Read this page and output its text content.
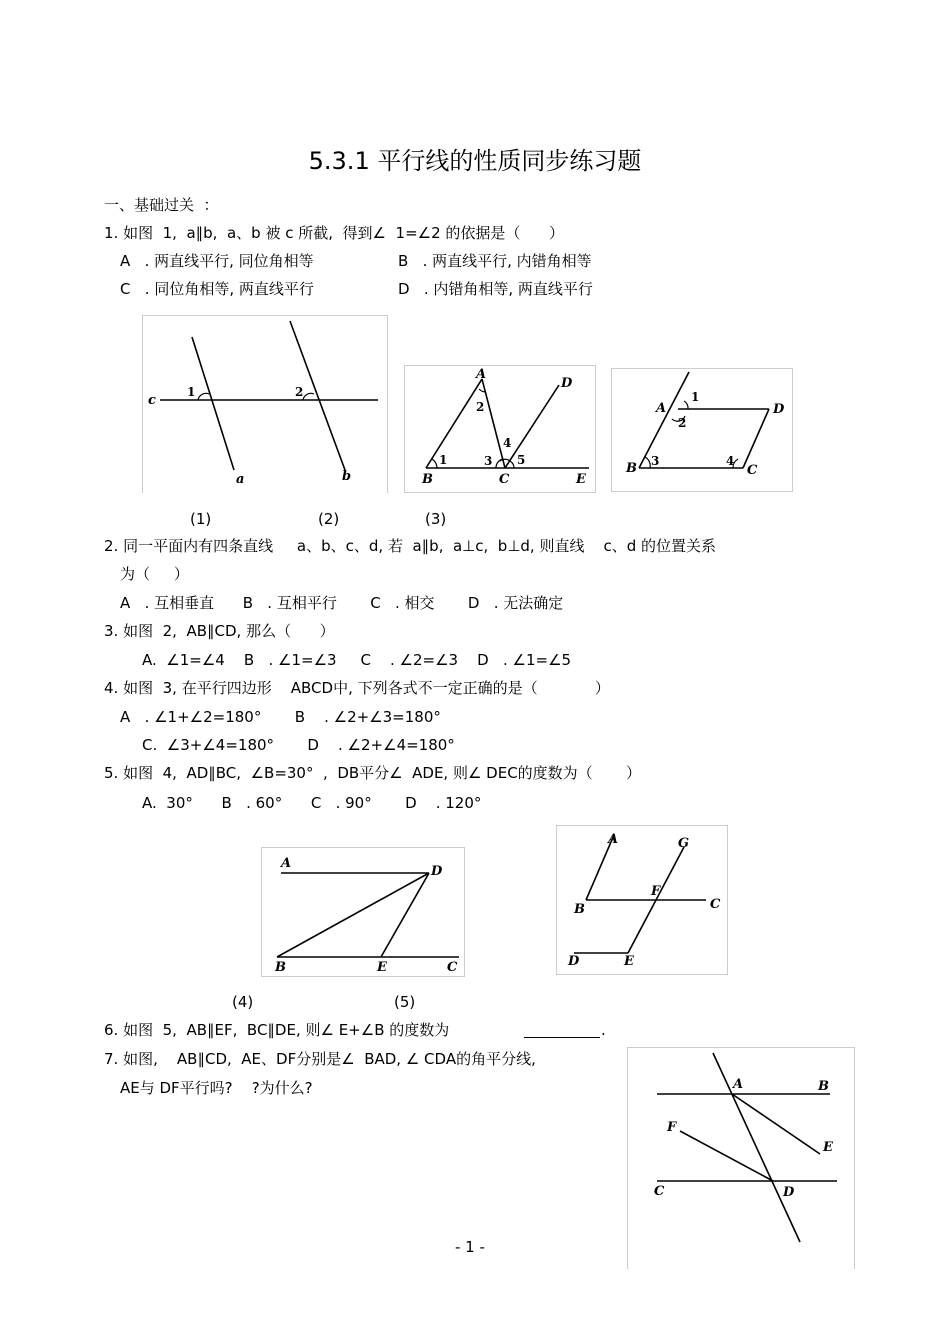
5.3.1 平行线的性质同步练习题
一、基础过关  ：
1. 如图  1,  a∥b,  a、b 被 c 所截,  得到∠  1=∠2 的依据是（      ）
A   . 两直线平行, 同位角相等	B   . 两直线平行, 内错角相等
C   . 同位角相等, 两直线平行	D   . 内错角相等, 两直线平行
c
1	2
a	b
A
D
2
1	3
4
5
B	C	E
A
1
2
D
B 3	4
C
(1)	(2)	(3)
2. 同一平面内有四条直线     a、b、c、d, 若  a∥b,  a⊥c,  b⊥d, 则直线    c、d 的位置关系
为（     ）
A   . 互相垂直      B   . 互相平行       C   . 相交       D   . 无法确定
3. 如图  2,  AB∥CD, 那么（      ）
A.  ∠1=∠4    B   . ∠1=∠3     C    . ∠2=∠3    D   . ∠1=∠5
4. 如图  3, 在平行四边形    ABCD中, 下列各式不一定正确的是（            ）
A   . ∠1+∠2=180°       B    . ∠2+∠3=180°
C.  ∠3+∠4=180°       D    . ∠2+∠4=180°
5. 如图  4,  AD∥BC,  ∠B=30°  ,  DB平分∠  ADE, 则∠ DEC的度数为（       ）
A.  30°      B   . 60°      C   . 90°       D    . 120°
A
D
B	E	C
A	G
F
B	C
D	E
(4)	(5)
6. 如图  5,  AB∥EF,  BC∥DE, 则∠ E+∠B 的度数为	.
7. 如图,    AB∥CD,  AE、DF分别是∠  BAD, ∠ CDA的角平分线,
AE与 DF平行吗?    ?为什么?	A	B
E
F
C	D
- 1 -
